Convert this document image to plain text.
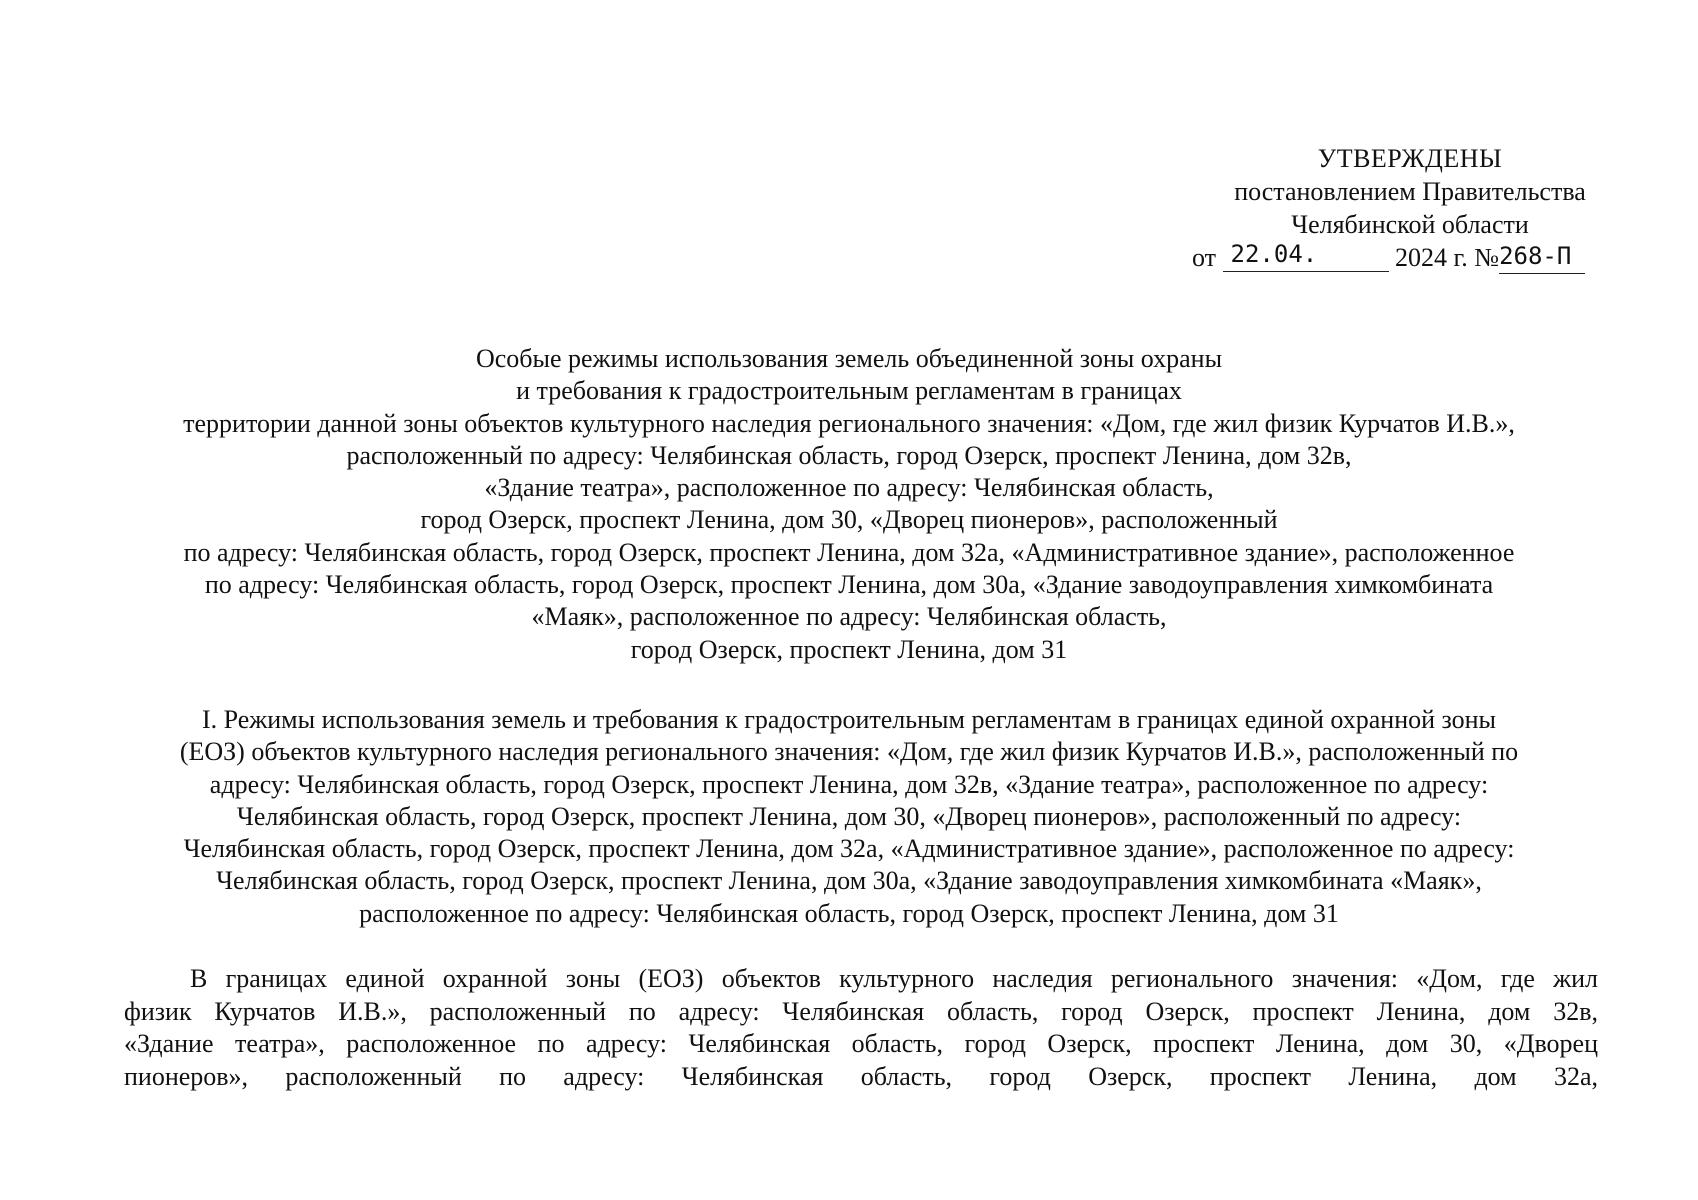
УТВЕРЖДЕНЫ
постановлением Правительства
Челябинской области
от 22.04.	2024 г. №268-П
Особые режимы использования земель объединенной зоны охраны
и требования к градостроительным регламентам в границах
территории данной зоны объектов культурного наследия регионального значения: «Дом, где жил физик Курчатов И.В.»,
расположенный по адресу: Челябинская область, город Озерск, проспект Ленина, дом 32в,
«Здание театра», расположенное по адресу: Челябинская область,
город Озерск, проспект Ленина, дом 30, «Дворец пионеров», расположенный
по адресу: Челябинская область, город Озерск, проспект Ленина, дом 32а, «Административное здание», расположенное
по адресу: Челябинская область, город Озерск, проспект Ленина, дом 30а, «Здание заводоуправления химкомбината
«Маяк», расположенное по адресу: Челябинская область,
город Озерск, проспект Ленина, дом 31
I. Режимы использования земель и требования к градостроительным регламентам в границах единой охранной зоны
(ЕОЗ) объектов культурного наследия регионального значения: «Дом, где жил физик Курчатов И.В.», расположенный по
адресу: Челябинская область, город Озерск, проспект Ленина, дом 32в, «Здание театра», расположенное по адресу:
Челябинская область, город Озерск, проспект Ленина, дом 30, «Дворец пионеров», расположенный по адресу:
Челябинская область, город Озерск, проспект Ленина, дом 32а, «Административное здание», расположенное по адресу:
Челябинская область, город Озерск, проспект Ленина, дом 30а, «Здание заводоуправления химкомбината «Маяк»,
расположенное по адресу: Челябинская область, город Озерск, проспект Ленина, дом 31
В границах единой охранной зоны (ЕОЗ) объектов культурного наследия регионального значения: «Дом, где жил
физик Курчатов И.В.», расположенный по адресу: Челябинская область, город Озерск, проспект Ленина, дом 32в,
«Здание театра», расположенное по адресу: Челябинская область, город Озерск, проспект Ленина, дом 30, «Дворец
пионеров», расположенный по адресу: Челябинская область, город Озерск, проспект Ленина, дом 32а,
